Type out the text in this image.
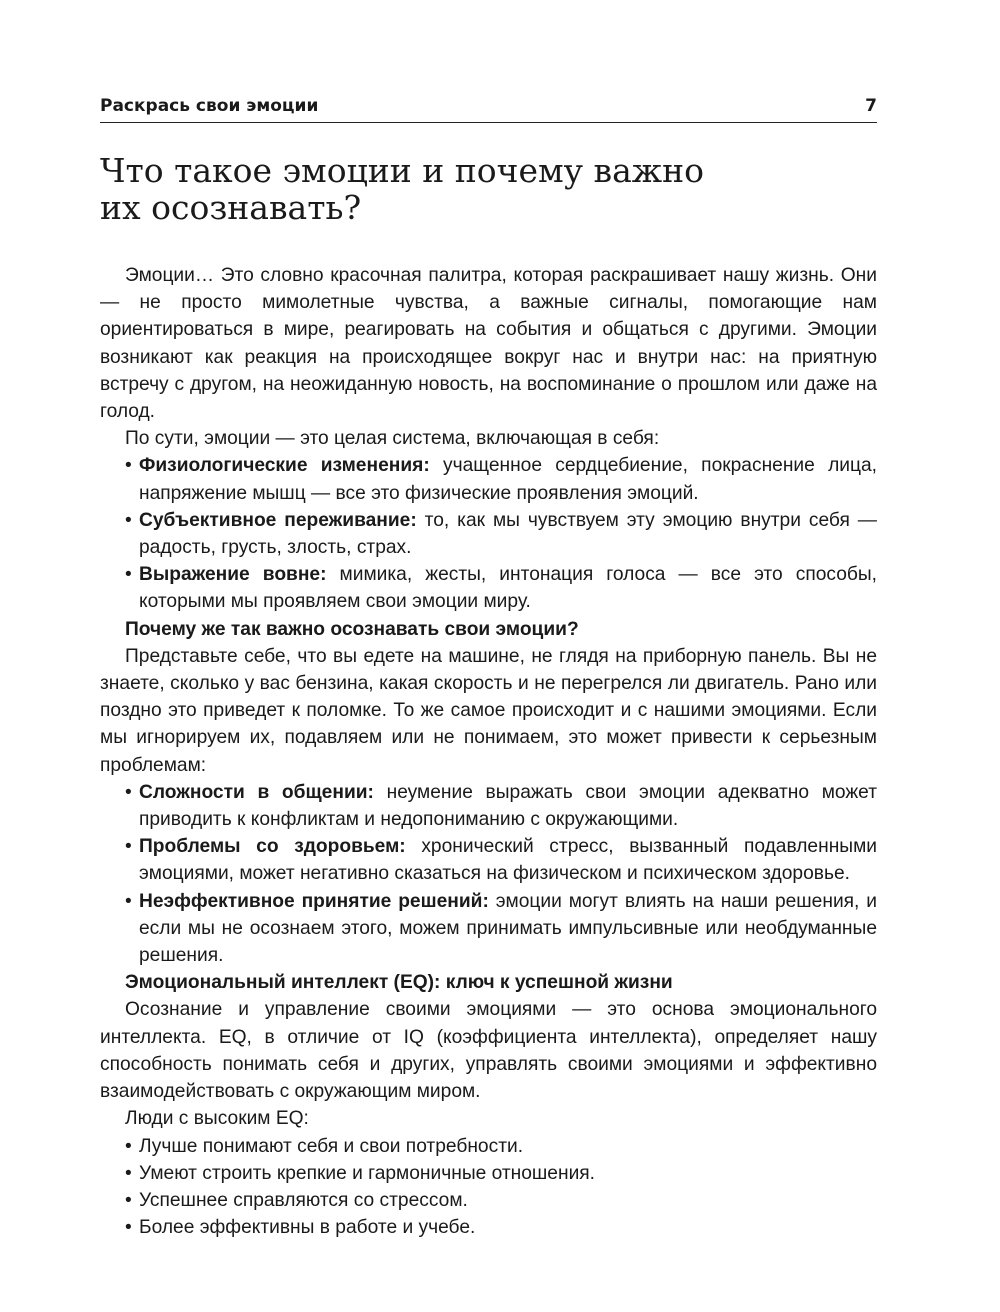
Раскрась свои эмоции	7
Что такое эмоции и почему важно
их осознавать?

Эмоции… Это словно красочная палитра, которая раскрашивает нашу жизнь. Они — не просто мимолетные чувства, а важные сигналы, помогающие нам ориентироваться в мире, реагировать на события и общаться с другими. Эмоции возникают как реакция на происходящее вокруг нас и внутри нас: на приятную встречу с другом, на неожиданную новость, на воспоминание о прошлом или даже на голод.

По сути, эмоции — это целая система, включающая в себя:

• Физиологические изменения: учащенное сердцебиение, покраснение лица, напряжение мышц — все это физические проявления эмоций.
• Субъективное переживание: то, как мы чувствуем эту эмоцию внутри себя — радость, грусть, злость, страх.
• Выражение вовне: мимика, жесты, интонация голоса — все это способы, которыми мы проявляем свои эмоции миру.

Почему же так важно осознавать свои эмоции?

Представьте себе, что вы едете на машине, не глядя на приборную панель. Вы не знаете, сколько у вас бензина, какая скорость и не перегрелся ли двигатель. Рано или поздно это приведет к поломке. То же самое происходит и с нашими эмоциями. Если мы игнорируем их, подавляем или не понимаем, это может привести к серьезным проблемам:

• Сложности в общении: неумение выражать свои эмоции адекватно может приводить к конфликтам и недопониманию с окружающими.
• Проблемы со здоровьем: хронический стресс, вызванный подавленными эмоциями, может негативно сказаться на физическом и психическом здоровье.
• Неэффективное принятие решений: эмоции могут влиять на наши решения, и если мы не осознаем этого, можем принимать импульсивные или необдуманные решения.

Эмоциональный интеллект (EQ): ключ к успешной жизни

Осознание и управление своими эмоциями — это основа эмоционального интеллекта. EQ, в отличие от IQ (коэффициента интеллекта), определяет нашу способность понимать себя и других, управлять своими эмоциями и эффективно взаимодействовать с окружающим миром.

Люди с высоким EQ:

• Лучше понимают себя и свои потребности.
• Умеют строить крепкие и гармоничные отношения.
• Успешнее справляются со стрессом.
• Более эффективны в работе и учебе.
